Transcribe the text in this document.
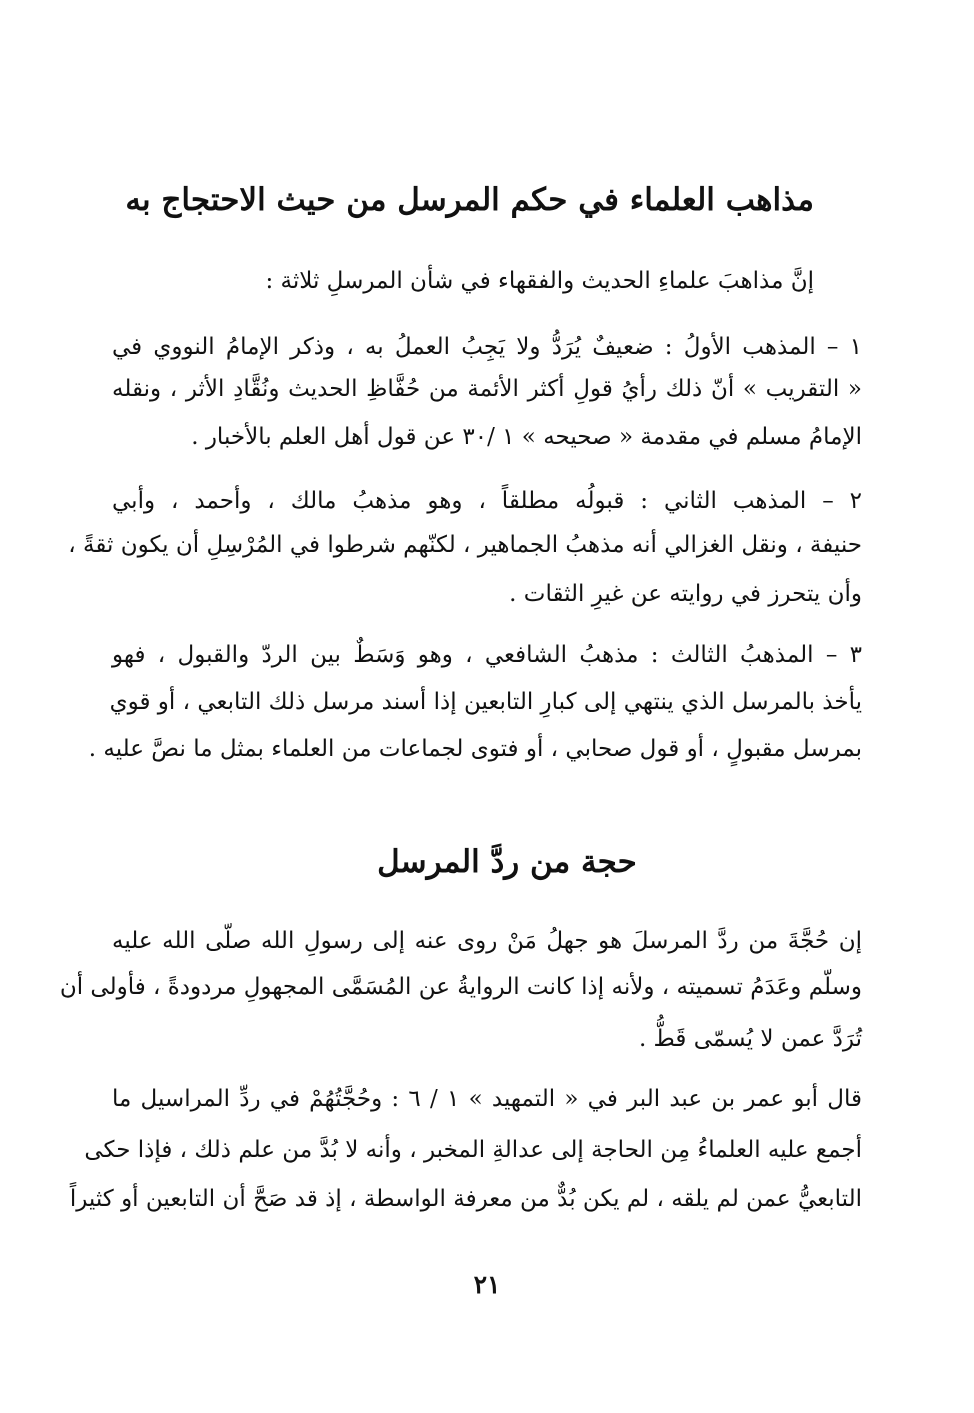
مذاهب العلماء في حكم المرسل من حيث الاحتجاج به
إنَّ مذاهبَ علماءِ الحديث والفقهاء في شأن المرسلِ ثلاثة :
١ – المذهب الأولُ : ضعيفٌ يُرَدُّ ولا يَجِبُ العملُ به ، وذكر الإمامُ النووي في
« التقريب » أنّ ذلك رأيُ قولِ أكثر الأئمة من حُفَّاظِ الحديث ونُقَّادِ الأثر ، ونقله
الإمامُ مسلم في مقدمة « صحيحه » ١ /٣٠ عن قول أهل العلم بالأخبار .
٢ – المذهب الثاني : قبولُه مطلقاً ، وهو مذهبُ مالك ، وأحمد ، وأبي
حنيفة ، ونقل الغزالي أنه مذهبُ الجماهير ، لكنّهم شرطوا في المُرْسِلِ أن يكون ثقةً ،
وأن يتحرز في روايته عن غيرِ الثقات .
٣ – المذهبُ الثالث : مذهبُ الشافعي ، وهو وَسَطٌ بين الردّ والقبول ، فهو
يأخذ بالمرسل الذي ينتهي إلى كبارِ التابعين إذا أسند مرسل ذلك التابعي ، أو قوي
بمرسل مقبولٍ ، أو قول صحابي ، أو فتوى لجماعات من العلماء بمثل ما نصَّ عليه .
حجة من ردَّ المرسل
إن حُجَّةَ من ردَّ المرسلَ هو جهلُ مَنْ روى عنه إلى رسولِ الله صلّى الله عليه
وسلّم وعَدَمُ تسميته ، ولأنه إذا كانت الروايةُ عن المُسَمَّى المجهولِ مردودةً ، فأولى أن
تُرَدَّ عمن لا يُسمّى قَطُّ .
قال أبو عمر بن عبد البر في « التمهيد » ١ / ٦ : وحُجَّتُهُمْ في ردِّ المراسيل ما
أجمع عليه العلماءُ مِن الحاجة إلى عدالةِ المخبر ، وأنه لا بُدَّ من علم ذلك ، فإذا حكى
التابعيُّ عمن لم يلقه ، لم يكن بُدٌّ من معرفة الواسطة ، إذ قد صَحَّ أن التابعين أو كثيراً
٢١
